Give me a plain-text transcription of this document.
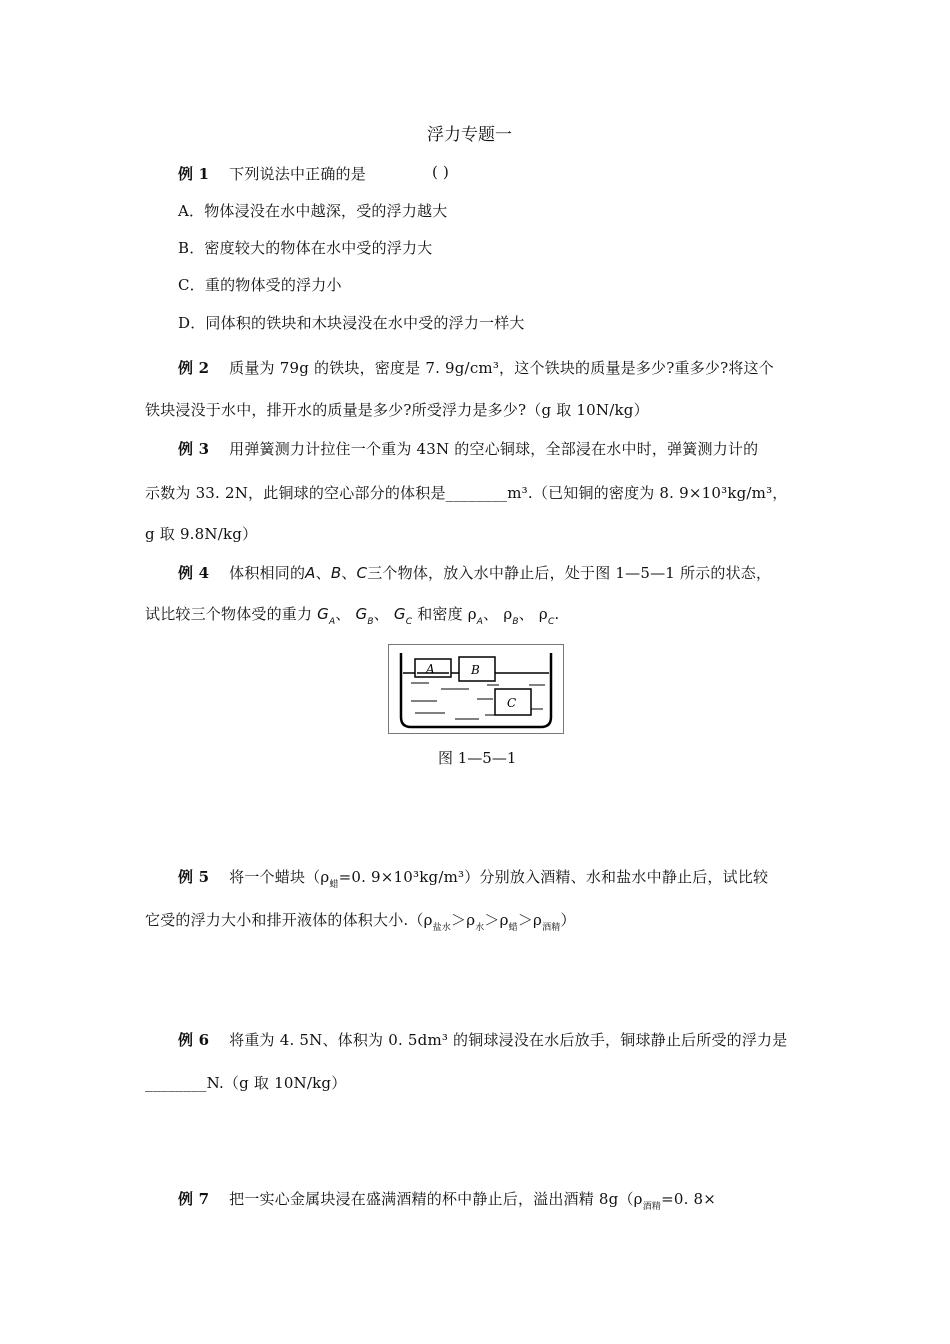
浮力专题一
例 1 下列说法中正确的是	( )
A．物体浸没在水中越深，受的浮力越大
B．密度较大的物体在水中受的浮力大
C．重的物体受的浮力小
D．同体积的铁块和木块浸没在水中受的浮力一样大
例 2 质量为 79g 的铁块，密度是 7. 9g/cm³，这个铁块的质量是多少?重多少?将这个
铁块浸没于水中，排开水的质量是多少?所受浮力是多少?（g 取 10N/kg）
例 3 用弹簧测力计拉住一个重为 43N 的空心铜球，全部浸在水中时，弹簧测力计的
示数为 33. 2N，此铜球的空心部分的体积是________m³.（已知铜的密度为 8. 9×10³kg/m³，
g 取 9.8N/kg）
例 4 体积相同的A、B、C三个物体，放入水中静止后，处于图 1—5—1 所示的状态，
试比较三个物体受的重力 $G_A$、 $G_B$、 $G_C$ 和密度 $\rho_A$、 $\rho_B$、 $\rho_C$.
A	B
C
图 1—5—1
例 5 将一个蜡块（$\rho_蜡=0$. 9×10³kg/m³）分别放入酒精、水和盐水中静止后，试比较
它受的浮力大小和排开液体的体积大小$.(\rho_{盐水}>\rho_水>\rho_蜡>\rho_{酒精})$
例 6 将重为 4. 5N、体积为 0. 5dm³ 的铜球浸没在水后放手，铜球静止后所受的浮力是
________N.（g 取 10N/kg）
例 7 把一实心金属块浸在盛满酒精的杯中静止后，溢出酒精 $8g(\rho_{酒精}=0$. 8×
